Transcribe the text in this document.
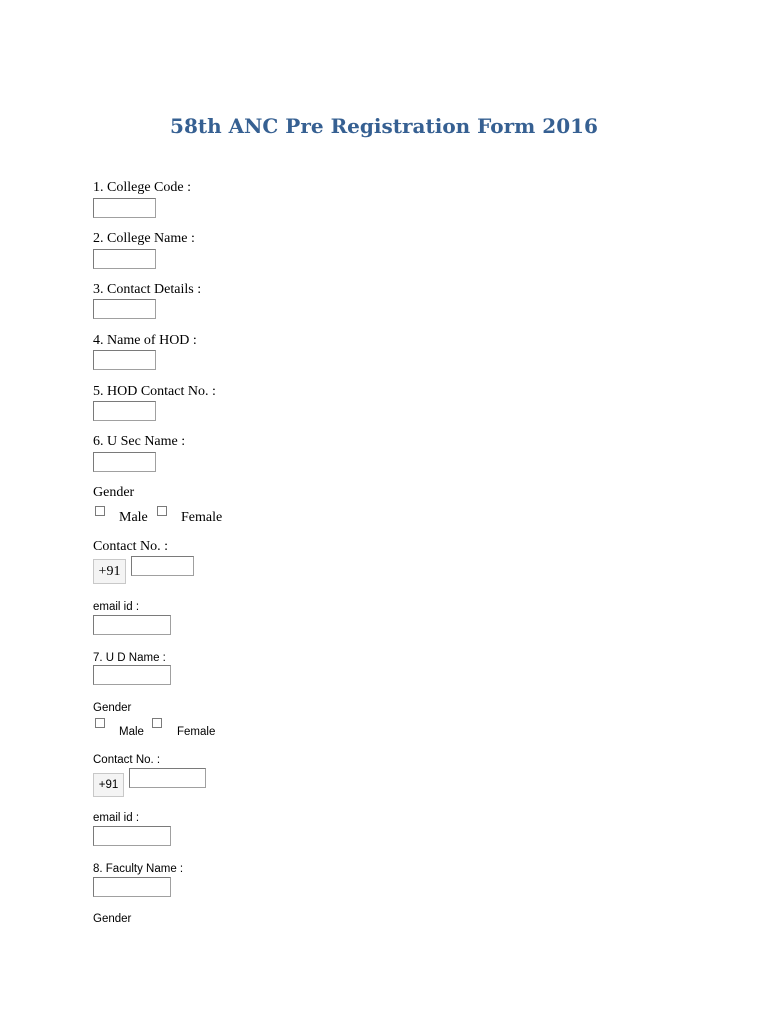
58th ANC Pre Registration Form 2016
1. College Code :
2. College Name :
3. Contact Details :
4. Name of HOD :
5. HOD Contact No. :
6. U Sec Name :
Gender
Male Female
Contact No. :
+91
email id :
7. U D Name :
Gender
Male	Female
Contact No. :
+91
email id :
8. Faculty Name :
Gender
